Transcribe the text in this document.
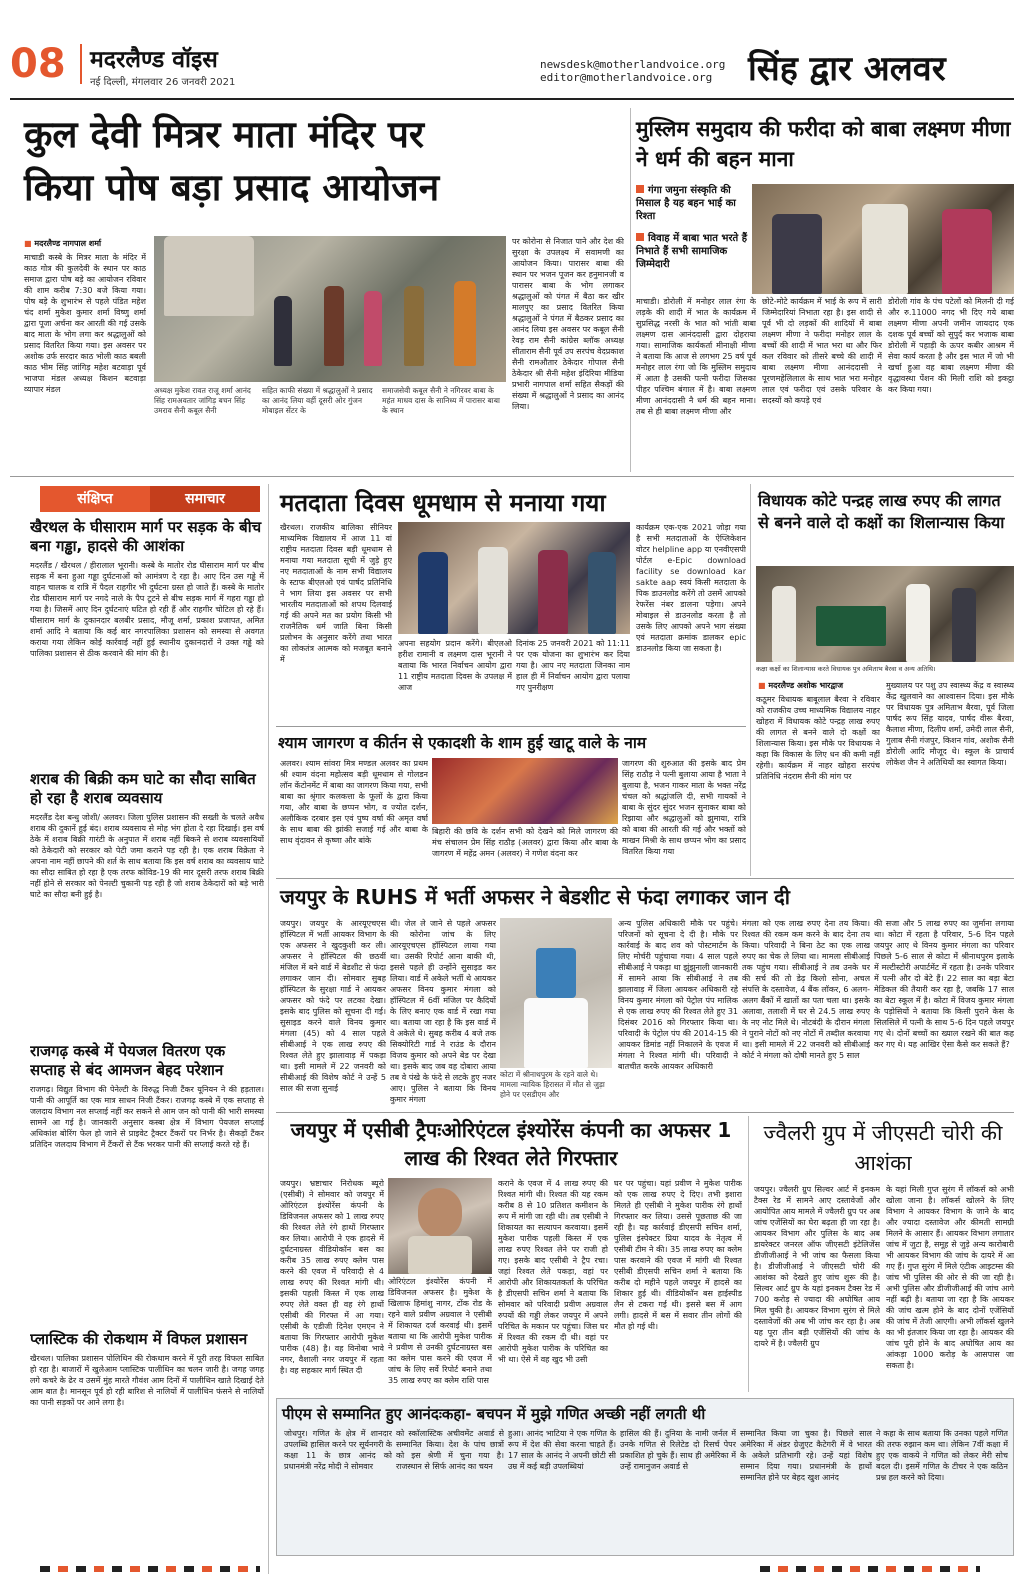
08	मदरलैण्ड वॉइस
नई दिल्ली, मंगलवार 26 जनवरी 2021
newsdesk@motherlandvoice.org
editor@motherlandvoice.org	सिंह द्वार अलवर
कुल देवी मित्रर माता मंदिर पर
किया पोष बड़ा प्रसाद आयोजन
■ मदरलैण्ड नागपाल शर्मा
माचाडी कस्बे के मित्रर माता के मंदिर में काठ गोत्र की कुलदेवी के स्थान पर काठ समाज द्वारा पोष बड़े का आयोजन रविवार की शाम करीब 7:30 बजे किया गया। पोष बड़े के शुभारंभ से पहले पंडित महेश चंद शर्मा मुकेश कुमार शर्मा विष्णु शर्मा द्वारा पूजा अर्चना कर आरती की गई उसके बाद माता के भोग लगा कर श्रद्धालुओं को प्रसाद वितरित किया गया। इस अवसर पर अशोक उर्फ सरदार काठ भोली काठ बबली काठ भीम सिंह जांगिड़ महेश बटवाड़ा पूर्व भाजपा मंडल अध्यक्ष किशन बटवाड़ा व्यापार मंडल	अध्यक्ष मुकेश रावत राजू शर्मा आनंद सिंह रामअवतार जांगिड़ बचन सिंह उमराव सैनी कबूल सैनी
सहित काफी संख्या में श्रद्धालुओं ने प्रसाद का आनंद लिया वहीं दूसरी ओर गुंजन मोबाइल सेंटर के
समाजसेवी कबूल सैनी ने नगिरवर बाबा के महंत माधव दास के सानिध्य में पारासर बाबा के स्थान
पर कोरोना से निजात पाने और देश की सुरक्षा के उपलक्ष्य में सवामणी का आयोजन किया। पारासर बाबा की स्थान पर भजन पूजन कर हनुमानजी व पारासर बाबा के भोग लगाकर श्रद्धालुओं को पंगत में बैठा कर खीर मालपुए का प्रसाद वितरित किया श्रद्धालुओं ने पंगत में बैठकर प्रसाद का आनंद लिया इस अवसर पर कबूल सैनी रेवड़ राम सैनी कांग्रेस ब्लॉक अध्यक्ष सीताराम सैनी पूर्व उप सरपंच वेदप्रकाश सैनी रामऔतार ठेकेदार गोपाल सैनी ठेकेदार श्री सैनी महेश इंदिरिया मीडिया प्रभारी नागपाल शर्मा सहित सैकड़ों की संख्या में श्रद्धालुओं ने प्रसाद का आनंद लिया।
मुस्लिम समुदाय की फरीदा को बाबा लक्ष्मण मीणा ने धर्म की बहन माना
गंगा जमुना संस्कृति की मिसाल है यह बहन भाई का रिश्ता
विवाह में बाबा भात भरते हैं निभाते हैं सभी सामाजिक जिम्मेदारी
माचाडी। डोरोली में मनोहर लाल रंगा के लड़के की शादी में भात के कार्यक्रम में सुप्रसिद्ध नरसी के भात को भांती बाबा लक्ष्मण दास आनंददासी द्वारा दोहराया गया। सामाजिक कार्यकर्ता मीनाक्षी मीणा ने बताया कि आज से लगभग 25 वर्ष पूर्व मनोहर लाल रंगा जो कि मुस्लिम समुदाय में आता है उसकी पत्नी फरीदा जिसका पीहर पश्चिम बंगाल में है। बाबा लक्ष्मण मीणा आनंददासी नै धर्म की बहन माना। तब से ही बाबा लक्ष्मण मीणा और
छोटे-मोटे कार्यक्रम में भाई के रूप में सारी जिम्मेदारियां निभाता रहा है। इस शादी से पूर्व भी दो लड़कों की शादियों में बाबा लक्ष्मण मीणा ने फरीदा मनोहर लाल के बच्चों की शादी में भात भरा था और फिर कल रविवार को तीसरे बच्चे की शादी में बाबा लक्ष्मण मीणा आनंददासी ने पूरणमहेलिलाल के साथ भात भरा मनोहर लाल एवं फरीदा एवं उसके परिवार के सदस्यों को कपड़े एवं
डोरोली गांव के पंच पटेलों को मिलनी दी गई और रु.11000 नगद भी दिए गये बाबा लक्ष्मण मीणा अपनी जमीन जायदाद एक दशक पूर्व बच्चों को सुपुर्द कर भजाक बाबा डोरोली में पहाड़ी के ऊपर कबीर आश्रम में सेवा कार्य करता है और इस भात में जो भी खर्चा हुआ वह बाबा लक्ष्मण मीणा की वृद्धावस्था पेंशन की मिली राशि को इकट्ठा कर किया गया।
संक्षिप्त	समाचार
खैरथल के घीसाराम मार्ग पर सड़क के बीच बना गड्ढा, हादसे की आशंका
मदरलैंड / खैरथल / हीरालाल भूरानी। कस्बे के मातोर रोड घीसाराम मार्ग पर बीच सड़क में बना हुआ गड्ढा दुर्घटनाओं को आमंत्रण दे रहा है। आए दिन उस गड्ढे में वाहन चालक व रात्रि में पैदल राहगीर भी दुर्घटना ग्रस्त हो जाते हैं। कस्बे के मातोर रोड घीसाराम मार्ग पर नगदे नाले के पैप टूटने से बीच सड़क मार्ग में गहरा गड्ढा हो गया है। जिसमें आए दिन दुर्घटनाएं घटित हो रही हैं और राहगीर चोटिल हो रहे हैं। घीसाराम मार्ग के दुकानदार बलबीर प्रसाद, मौजू शर्मा, प्रकाश प्रजापत, अमित शर्मा आदि ने बताया कि कई बार नगरपालिका प्रशासन को समस्या से अवगत कराया गया लेकिन कोई कार्रवाई नहीं हुई स्थानीय दुकानदारों ने उक्त गड्ढे को पालिका प्रशासन से ठीक करवाने की मांग की है।
शराब की बिक्री कम घाटे का सौदा साबित हो रहा है शराब व्यवसाय
मदरलैंड देश बन्धु जोशी/ अलवर। जिला पुलिस प्रशासन की सख्ती के चलते अवैध शराब की दुकानें हुई बंद। शराब व्यवसाय से मोह भंग होता दे रहा दिखाई। इस वर्ष ठेके में शराब बिक्री गारंटी के अनुपात में शराब नहीं बिकने से शराब व्यवसायियों को ठेकेदारी को सरकार को पेटी जमा कराने पड़ रही है। एक शराब विक्रेता ने अपना नाम नहीं छापने की शर्त के साथ बताया कि इस वर्ष शराब का व्यवसाय घाटे का सौदा साबित हो रहा है एक तरफ कोविड-19 की मार दूसरी तरफ शराब बिक्री नहीं होने से सरकार को पेनल्टी चुकानी पड़ रही है जो शराब ठेकेदारों को बड़े भारी घाटे का सौदा बनी हुई है।
राजगढ़ कस्बे में पेयजल वितरण एक सप्ताह से बंद आमजन बेहद परेशान
राजगढ़। विद्युत विभाग की पेनेल्टी के विरुद्ध निजी टैंकर यूनियन ने की हड़ताल। पानी की आपूर्ति का एक मात्र साधन निजी टैंकर। राजगढ़ कस्बे में एक सप्ताह से जलदाय विभाग नल सप्लाई नहीं कर सकने से आम जन को पानी की भारी समस्या सामने आ गई है। जानकारी अनुसार कस्बा क्षेत्र में विभाग पेयजल सप्लाई अधिकांश बोरिंग फेल हो जाने से प्राइवेट ट्रैक्टर टैंकरों पर निर्भर है। सैकड़ों टैंकर प्रतिदिन जलदाय विभाग में टैंकरों से टैंक भरकर पानी की सप्लाई करते रहे हैं।
प्लास्टिक की रोकथाम में विफल प्रशासन
खैरथल। पालिका प्रशासन पोलिथिन की रोकथाम करने में पूरी तरह विफल साबित हो रहा है। बाजारों में खुलेआम प्लास्टिक पालीथिन का चलन जारी है। जगह जगह लगे कचरे के ढेर व उसमें मुंह मारते गौवंश आम दिनों में पालीथिन खाते दिखाई देते आम बात है। मानसून पूर्व हो रही बारिश से नालियों में पालीथिन फंसने से नालियों का पानी सड़कों पर आने लगा है।
मतदाता दिवस धूमधाम से मनाया गया
खैरथल। राजकीय बालिका सीनियर माध्यमिक विद्यालय में आज 11 वां राष्ट्रीय मतदाता दिवस बड़ी धूमधाम से मनाया गया मतदाता सूची में जुड़े हुए नए मतदाताओं के नाम सभी विद्यालय के स्टाफ बीएलओ एवं पार्षद प्रतिनिधि ने भाग लिया इस अवसर पर सभी भारतीय मतदाताओं को शपथ दिलवाई गई की अपने मत का प्रयोग किसी भी राजनैतिक धर्म जाति बिना किसी प्रलोभन के अनुसार करेंगे तथा भारत का लोकतंत्र आत्मक को मजबूत बनाने में
अपना सहयोग प्रदान करेंगे। बीएलओ हरीश रामानी व लक्ष्मण दास भूरानी ने बताया कि भारत निर्वाचन आयोग द्वारा 11 राष्ट्रीय मतदाता दिवस के उपलक्ष में आज
दिनांक 25 जनवरी 2021 को 11:11 पर एक योजना का शुभारंभ कर दिया गया है। आप नए मतदाता जिनका नाम हाल ही में निर्वाचन आयोग द्वारा पलाया गए पुनरीक्षण
कार्यक्रम एक-एक 2021 जोड़ा गया है सभी मतदाताओं के ऐप्लिकेशन वोटर helpline app या एनवीएसपी पोर्टल e-Epic download facility se download kar sakte aap स्वयं किसी मतदाता के पिक डाउनलोड करेंगे तो उसमें आपको रेफरेंस नंबर डालना पड़ेगा। अपने मोबाइल से डाउनलोड करता है तो उसके लिए आपको अपने भाग संख्या एवं मतदाता क्रमांक डालकर epic डाउनलोड किया जा सकता है।
विधायक कोटे पन्द्रह लाख रुपए की लागत से बनने वाले दो कक्षों का शिलान्यास किया
कक्षा कक्षों का शिलान्यास करते विधायक पुत्र अमिताभ बैरवा व अन्य अतिथि।
■ मदरलैण्ड अशोक भारद्वाज
कठूमर विधायक बाबूलाल बैरवा ने रविवार को राजकीय उच्च माध्यमिक विद्यालय नाहर खोहरा में विधायक कोटे पन्द्रह लाख रुपए की लागत से बनने वाले दो कक्षों का शिलान्यास किया। इस मौके पर विधायक ने कहा कि विकास के लिए धन की कमी नहीं रहेगी। कार्यक्रम में नाहर खोहरा सरपंच प्रतिनिधि नंदराम सैनी की मांग पर
मुख्यालय पर पशु उप स्वास्थ्य केंद्र व स्वास्थ्य केंद्र खुलवाने का आश्वासन दिया। इस मौके पर विधायक पुत्र अमिताभ बैरवा, पूर्व जिला पार्षद रूप सिंह यादव, पार्षद वीरू बैरवा, कैलाश मीणा, दिलीप शर्मा, उमेदी लाल सैनी, गुलाब सैनी गंजपुर, किशन गांव, अशोक सैनी डोरोली आदि मौजूद थे। स्कूल के प्राचार्य लोकेश जैन ने अतिथियों का स्वागत किया।
श्याम जागरण व कीर्तन से एकादशी के शाम हुई खाटू वाले के नाम
अलवर। श्याम सांवरा मित्र मण्डल अलवर का प्रथम श्री श्याम वंदना महोत्सव बड़ी धूमधाम से गोलडन लॉन केंटोनमेंट में बाबा का जागरण किया गया, सभी बाबा का श्रृंगार कलकत्ता के फूलों के द्वारा किया गया, और बाबा के छप्पन भोग, व ज्योत दर्शन, अलौकिक दरबार इस एवं पुष्प वर्षा की अमृत वर्षा के साथ बाबा की झांकी सजाई गई और बाबा के साथ वृंदावन से कृष्णा और बांके
बिहारी की छवि के दर्शन सभी को देखने को मिले जागरण की मंच संचालन प्रेम सिंह राठौड़ (अलवर) द्वारा किया और बाबा के जागरण में महेंद्र अमन (अलवर) ने गणेश वंदना कर
जागरण की शुरुआत की इसके बाद प्रेम सिंह राठौड़ ने पत्नी बुलाया आया है भाता ने बुलाया है, भजन गाकर माता के भक्त नरेंद्र चंचल को श्रद्धांजलि दी, सभी गायकों ने बाबा के सुंदर सुंदर भजन सुनाकर बाबा को रिझाया और श्रद्धालुओं को झुमाया, रात्रि को बाबा की आरती की गई और भक्तों को माखन मिश्री के साथ छप्पन भोग का प्रसाद वितरित किया गया
जयपुर के RUHS में भर्ती अफसर ने बेडशीट से फंदा लगाकर जान दी
जयपुर। जयपुर के आरयूएचएस हॉस्पिटल में भर्ती आयकर विभाग के एक अफसर ने खुदकुशी कर ली। अफसर ने हॉस्पिटल की छठवीं मंजिल में बने वार्ड में बेडशीट से फंदा लगाकर जान दी। सोमवार सुबह हॉस्पिटल के सुरक्षा गार्ड ने आयकर अफसर को फंदे पर लटका देखा। इसके बाद पुलिस को सूचना दी गई। सुसाइड करने वाले विनय कुमार मंगला (45) को 4 साल पहले सीबीआई ने एक लाख रुपए की रिश्वत लेते हुए झालावाड़ में पकड़ा था। इसी मामले में 22 जनवरी को सीबीआई की विशेष कोर्ट ने उन्हें 5 साल की सजा सुनाई
थी। जेल ले जाने से पहले अफसर की कोरोना जांच के लिए आरयूएचएस हॉस्पिटल लाया गया था। उसकी रिपोर्ट आना बाकी थी, इससे पहले ही उन्होंने सुसाइड कर लिया। वार्ड में अकेले भर्ती थे आयकर अफसर विनय कुमार मंगला को हॉस्पिटल में 6वीं मंजिल पर कैदियों के लिए बनाए एक वार्ड में रखा गया था। बताया जा रहा है कि इस वार्ड में वे अकेले थे। सुबह करीब 4 बजे तक सिक्योरिटी गार्ड ने राउंड के दौरान विजय कुमार को अपने बेड पर देखा था। इसके बाद जब वह दोबारा आया तब वे पंखे के फंदे से लटके हुए नजर आए। पुलिस ने बताया कि विनय कुमार मंगला
कोटा में श्रीनाथपुरम के रहने वाले थे। मामला न्यायिक हिरासत में मौत से जुड़ा होने पर एसडीएम और
अन्य पुलिस अधिकारी मौके पर पहुंचे। परिजनों को सूचना दे दी है। मौके पर कार्रवाई के बाद शव को पोस्टमार्टम के लिए मोर्चरी पहुंचाया गया। 4 साल पहले सीबीआई ने पकड़ा था झुंझुनाली जानकारी में सामने आया कि सीबीआई ने तब झालावाड़ में जिला आयकर अधिकारी रहे विनय कुमार मंगला को पेट्रोल पंप मालिक से एक लाख रुपए की रिश्वत लेते हुए 31 दिसंबर 2016 को गिरफ्तार किया था। परिवादी के पेट्रोल पंप की 2014-15 की आयकर डिमांड नहीं निकालने के एवज में मंगला ने रिश्वत मांगी थी। परिवादी ने बातचीत करके आयकर अधिकारी
मंगला को एक लाख रुपए देना तय किया। रिश्वत की रकम कम करने के बाद देना तय किया। परिवादी ने बिना ठेट का एक लाख रुपए का चेक ले लिया था। मामला सीबीआई तक पहुंच गया। सीबीआई ने तब उनके घर की सर्च की तो डेढ़ किलो सोना, अचल संपत्ति के दस्तावेज, 4 बैंक लॉकर, 6 अलग-अलग बैंकों में खातों का पता चला था। इसके अलावा, तलाशी में घर से 24.5 लाख रुपए के नए नोट मिले थे। नोटबंदी के दौरान मंगला ने पुराने नोटों को नए नोटों में तब्दील करवाया था। इसी मामले में 22 जनवरी को सीबीआई कोर्ट ने मंगला को दोषी मानते हुए 5 साल
की सजा और 5 लाख रुपए का जुर्माना लगाया था। कोटा में रहता है परिवार, 5-6 दिन पहले जयपुर आए थे विनय कुमार मंगला का परिवार पिछले 5-6 साल से कोटा में श्रीनाथपुरम इलाके में मल्टीस्टोरी अपार्टमेंट में रहता है। उनके परिवार में पत्नी और दो बेटे हैं। 22 साल का बड़ा बेटा मेडिकल की तैयारी कर रहा है, जबकि 17 साल का बेटा स्कूल में है। कोटा में विजय कुमार मंगला के पड़ोसियों ने बताया कि किसी पुराने केस के सिलसिले में पत्नी के साथ 5-6 दिन पहले जयपुर गए थे। दोनों बच्चों का ख्याल रखने की बात कह कर गए थे। यह आखिर ऐसा कैसे कर सकते हैं?
जयपुर में एसीबी ट्रैपःओरिएंटल इंश्योरेंस कंपनी का अफसर 1 लाख की रिश्वत लेते गिरफ्तार
जयपुर। भ्रष्टाचार निरोधक ब्यूरो (एसीबी) ने सोमवार को जयपुर में ओरिएंटल इंश्योरेंस कंपनी के डिविजनल अफसर को 1 लाख रुपए की रिश्वत लेते रंगे हाथों गिरफ्तार कर लिया। आरोपी ने एक हादसे में दुर्घटनाग्रस्त वीडियोकॉन बस का करीब 35 लाख रुपए क्लेम पास करने की एवज में परिवादी से 4 लाख रुपए की रिश्वत मांगी थी। इसकी पहली किस्त में एक लाख रुपए लेते वक्त ही वह रंगे हाथों एसीबी की गिरफ्त में आ गया। एसीबी के एडीजी दिनेश एमएन ने बताया कि गिरफ्तार आरोपी मुकेश पारीक (48) है। वह विनोबा भावे नगर, वैशाली नगर जयपुर में रहता है। वह सहकार मार्ग स्थित दी
ओरिएंटल इंश्योरेंस कंपनी में डिविजनल अफसर है। मुकेश के खिलाफ हिमांशु नागर, टोंक रोड के रहने वाले प्रवीण अग्रवाल ने एसीबी में शिकायत दर्ज करवाई थी। इसमें बताया था कि आरोपी मुकेश पारीक ने प्रवीण से उनकी दुर्घटनाग्रस्त बस का क्लेम पास करने की एवज में जांच के लिए सर्वे रिपोर्ट बनाने तथा 35 लाख रुपए का क्लेम राशि पास
कराने के एवज में 4 लाख रुपए की रिश्वत मांगी थी। रिश्वत की यह रकम करीब 8 से 10 प्रतिशत कमीशन के रूप में मांगी जा रही थी। तब एसीबी ने शिकायत का सत्यापन करवाया। इसमें मुकेश पारीक पहली किस्त में एक लाख रुपए रिश्वत लेने पर राजी हो गए। इसके बाद एसीबी ने ट्रैप रचा। जहां रिश्वत लेते पकड़ा, वहां पर आरोपी और शिकायतकर्ता के परिचित है डीएसपी सचिन शर्मा ने बताया कि सोमवार को परिवादी प्रवीण अग्रवाल रुपयों की गड्डी लेकर जयपुर में अपने परिचित के मकान पर पहुंचा। जिस घर में रिश्वत की रकम दी थी। वहां पर आरोपी मुकेश पारीक के परिचित का भी था। ऐसे में वह खुद भी उसी
घर पर पहुंचा। यहां प्रवीण ने मुकेश पारीक को एक लाख रुपए दे दिए। तभी इशारा मिलते ही एसीबी ने मुकेश पारीक रंगे हाथों गिरफ्तार कर लिया। उससे पूछताछ की जा रही है। यह कार्रवाई डीएसपी सचिन शर्मा, पुलिस इंस्पेक्टर प्रिया यादव के नेतृत्व में एसीबी टीम ने की। 35 लाख रुपए का क्लेम पास करवाने की एवज में मांगी थी रिश्वत एसीबी डीएसपी सचिन शर्मा ने बताया कि करीब दो महीने पहले जयपुर में हादसे का शिकार हुई थी। वीडियोकॉन बस हाईस्पीड लैन से टकरा गई थी। इससे बस में आग लगी। हादसे में बस में सवार तीन लोगों की मौत हो गई थी।
ज्वैलरी ग्रुप में जीएसटी चोरी की आशंका
जयपुर। ज्वैलरी ग्रुप सिल्वर आर्ट में इनकम टैक्स रेड में सामने आए दस्तावेजों और आयोपित आय मामले में ज्वैलरी ग्रुप पर अब जांच एजेंसियों का घेरा बढ़ता ही जा रहा है। आयकर विभाग और पुलिस के बाद अब डायरेक्टर जनरल ऑफ जीएसटी इंटेलिजेंस डीजीजीआई ने भी जांच का फैसला किया है। डीजीजीआई ने जीएसटी चोरी की आशंका को देखते हुए जांच शुरू की है। सिल्वर आर्ट ग्रुप के यहां इनकम टैक्स रेड में 700 करोड़ से ज्यादा की अघोषित आय मिल चुकी है। आयकर विभाग सुरंग से मिले दस्तावेजों की अब भी जांच कर रहा है। अब यह पूरा तीन बड़ी एजेंसियों की जांच के दायरे में है। ज्वैलरी ग्रुप
के यहां मिली गुप्त सुरंग में लॉकर्स को अभी खोला जाना है। लॉकर्स खोलने के लिए विभाग ने आयकर विभाग के जाने के बाद और ज्यादा दस्तावेज और कीमती सामग्री मिलने के आसार हैं। आयकर विभाग लगातार जांच में जुटा है, समूह से जुड़े अन्य कारोबारी भी आयकर विभाग की जांच के दायरे में आ गए हैं। गुप्त सुरंग में मिले एंटीक आइटम्स की जांच भी पुलिस की ओर से की जा रही है। अभी पुलिस और डीजीजीआई की जांच आगे नहीं बढ़ी है। बताया जा रहा है कि आयकर की जांच खत्म होने के बाद दोनों एजेंसियों की जांच में तेजी आएगी। अभी लॉकर्स खुलने का भी इंतजार किया जा रहा है। आयकर की जांच पूरी होने के बाद अघोषित आय का आंकड़ा 1000 करोड़ के आसपास जा सकता है।
पीएम से सम्मानित हुए आनंदःकहा- बचपन में मुझे गणित अच्छी नहीं लगती थी
जोधपुर। गणित के क्षेत्र में शानदार उपलब्धि हासिल करने पर सूर्यनगरी के कक्षा 11 के छात्र आनंद को प्रधानमंत्री नरेंद्र मोदी ने सोमवार
को स्कॉलास्टिक अचीवमेंट अवार्ड से सम्मानित किया। देश के पांच छात्रों को इस श्रेणी में चुना गया है। राजस्थान से सिर्फ आनंद का चयन
हुआ। आनंद भाटिया ने एक गणित के रूप में देश की सेवा करना चाहते हैं। 17 साल के आनंद ने अपनी छोटी सी उम्र में कई बड़ी उपलब्धियां
हासिल की हैं। दुनिया के नामी जर्नल में उनके गणित से रिलेटेड दो रिसर्च पेपर प्रकाशित हो चुके हैं। साथ ही अमेरिका में उन्हें रामानुजन अवार्ड से
सम्मानित किया जा चुका है। पिछले साल अमेरिका में अंडर ग्रेजुएट कैटेगरी में वे भारत के अकेले प्रतिभागी रहे। उन्हें यहां विशेष सम्मान दिया गया। प्रधानमंत्री के हाथों सम्मानित होने पर बेहद खुश आनंद
ने कहा के साथ बताया कि उनका पहले गणित की तरफ रुझान कम था। लेकिन 7वीं कक्षा में हुए एक वाकये ने गणित को लेकर मेरी सोच बदल दी। इसमें गणित के टीचर ने एक कठिन प्रश्न हल करने को दिया।
